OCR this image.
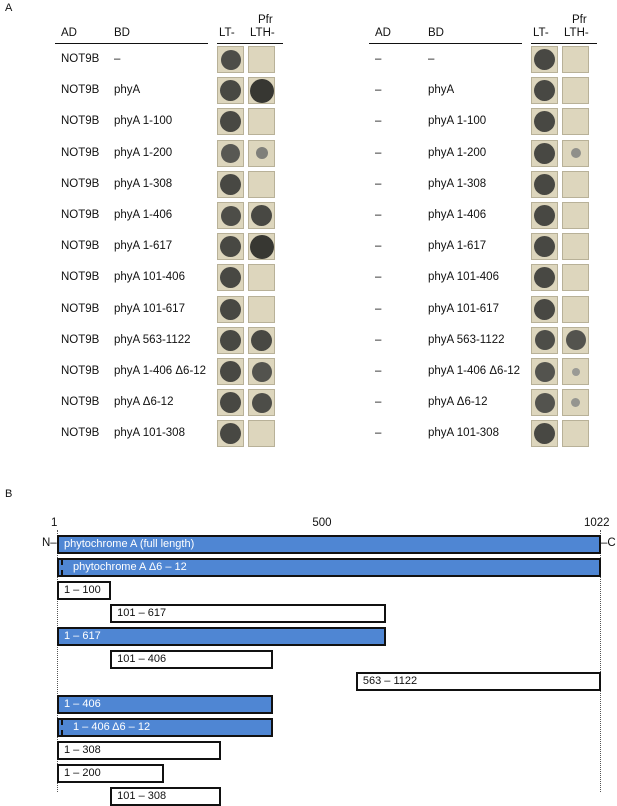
A
Pfr
AD	BD	LT- LTH-
NOT9B –
NOT9B phyA
NOT9B phyA 1-100
NOT9B phyA 1-200
NOT9B phyA 1-308
NOT9B phyA 1-406
NOT9B phyA 1-617
NOT9B phyA 101-406
NOT9B phyA 101-617
NOT9B phyA 563-1122
NOT9B phyA 1-406 Δ6-12
NOT9B phyA Δ6-12
NOT9B phyA 101-308
Pfr
AD	BD	LT- LTH-
–	–
–	phyA
–	phyA 1-100
–	phyA 1-200
–	phyA 1-308
–	phyA 1-406
–	phyA 1-617
–	phyA 101-406
–	phyA 101-617
–	phyA 563-1122
–	phyA 1-406 Δ6-12
–	phyA Δ6-12
–	phyA 101-308
B
1	500	1022
N–	–C
phytochrome A (full length)
phytochrome A Δ6 – 12
1 – 100
101 – 617
1 – 617
101 – 406
563 – 1122
1 – 406
1 – 406 Δ6 – 12
1 – 308
1 – 200
101 – 308
